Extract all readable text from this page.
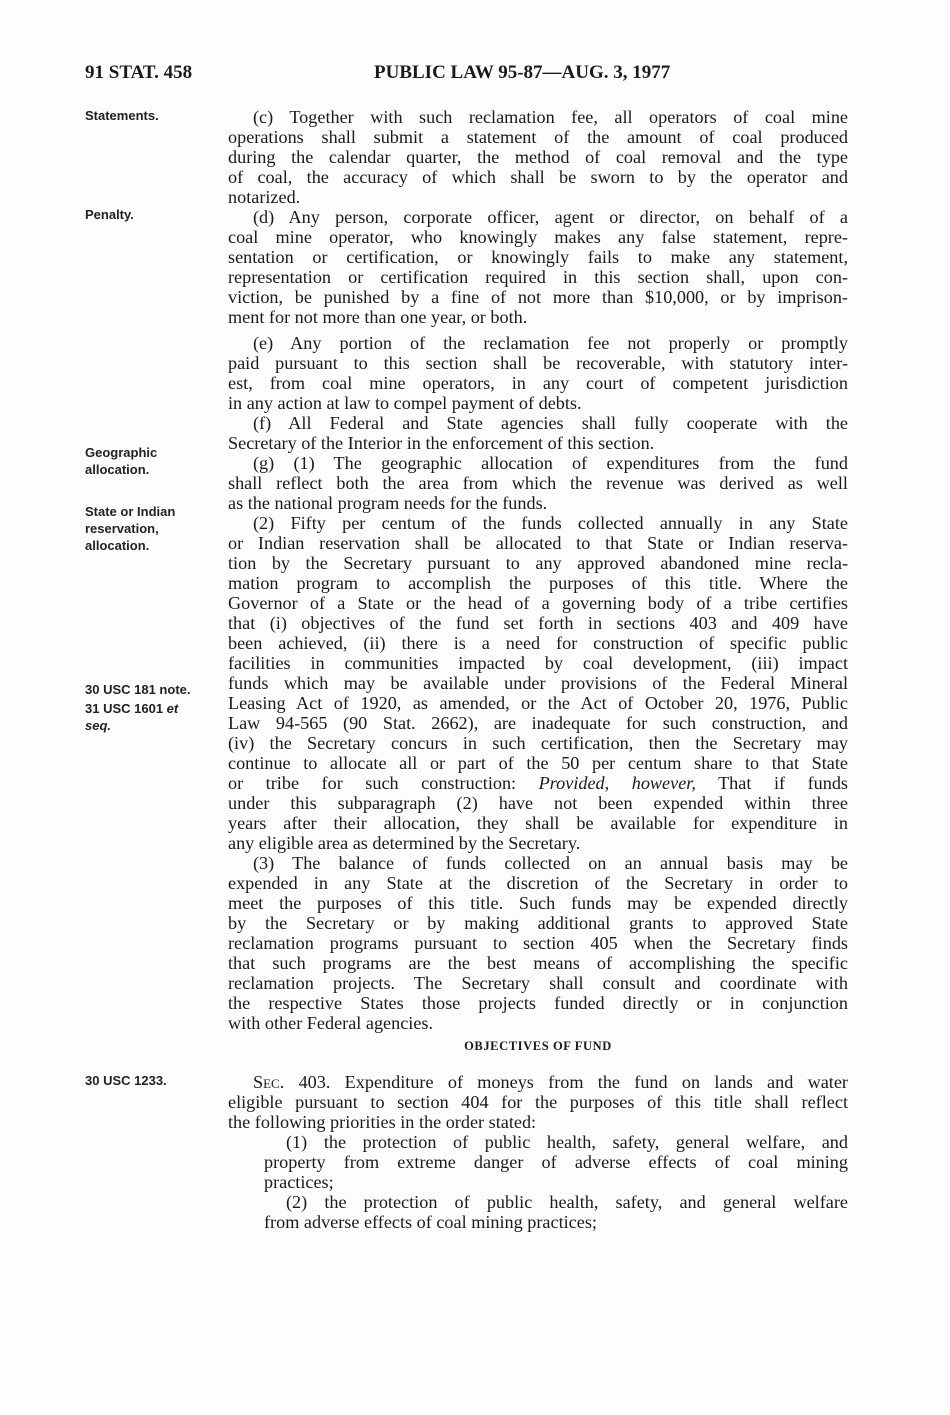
91 STAT. 458	PUBLIC LAW 95-87—AUG. 3, 1977
Statements.
Penalty.
Geographic
allocation.
State or Indian
reservation,
allocation.
30 USC 181 note.
31 USC 1601 et
seq.
30 USC 1233.
(c) Together with such reclamation fee, all operators of coal mine
operations shall submit a statement of the amount of coal produced
during the calendar quarter, the method of coal removal and the type
of coal, the accuracy of which shall be sworn to by the operator and
notarized.
(d) Any person, corporate officer, agent or director, on behalf of a
coal mine operator, who knowingly makes any false statement, repre-
sentation or certification, or knowingly fails to make any statement,
representation or certification required in this section shall, upon con-
viction, be punished by a fine of not more than $10,000, or by imprison-
ment for not more than one year, or both.
(e) Any portion of the reclamation fee not properly or promptly
paid pursuant to this section shall be recoverable, with statutory inter-
est, from coal mine operators, in any court of competent jurisdiction
in any action at law to compel payment of debts.
(f) All Federal and State agencies shall fully cooperate with the
Secretary of the Interior in the enforcement of this section.
(g) (1) The geographic allocation of expenditures from the fund
shall reflect both the area from which the revenue was derived as well
as the national program needs for the funds.
(2) Fifty per centum of the funds collected annually in any State
or Indian reservation shall be allocated to that State or Indian reserva-
tion by the Secretary pursuant to any approved abandoned mine recla-
mation program to accomplish the purposes of this title. Where the
Governor of a State or the head of a governing body of a tribe certifies
that (i) objectives of the fund set forth in sections 403 and 409 have
been achieved, (ii) there is a need for construction of specific public
facilities in communities impacted by coal development, (iii) impact
funds which may be available under provisions of the Federal Mineral
Leasing Act of 1920, as amended, or the Act of October 20, 1976, Public
Law 94-565 (90 Stat. 2662), are inadequate for such construction, and
(iv) the Secretary concurs in such certification, then the Secretary may
continue to allocate all or part of the 50 per centum share to that State
or tribe for such construction: Provided, however, That if funds
under this subparagraph (2) have not been expended within three
years after their allocation, they shall be available for expenditure in
any eligible area as determined by the Secretary.
(3) The balance of funds collected on an annual basis may be
expended in any State at the discretion of the Secretary in order to
meet the purposes of this title. Such funds may be expended directly
by the Secretary or by making additional grants to approved State
reclamation programs pursuant to section 405 when the Secretary finds
that such programs are the best means of accomplishing the specific
reclamation projects. The Secretary shall consult and coordinate with
the respective States those projects funded directly or in conjunction
with other Federal agencies.
OBJECTIVES OF FUND
Sec. 403. Expenditure of moneys from the fund on lands and water
eligible pursuant to section 404 for the purposes of this title shall reflect
the following priorities in the order stated:
(1) the protection of public health, safety, general welfare, and
property from extreme danger of adverse effects of coal mining
practices;
(2) the protection of public health, safety, and general welfare
from adverse effects of coal mining practices;
